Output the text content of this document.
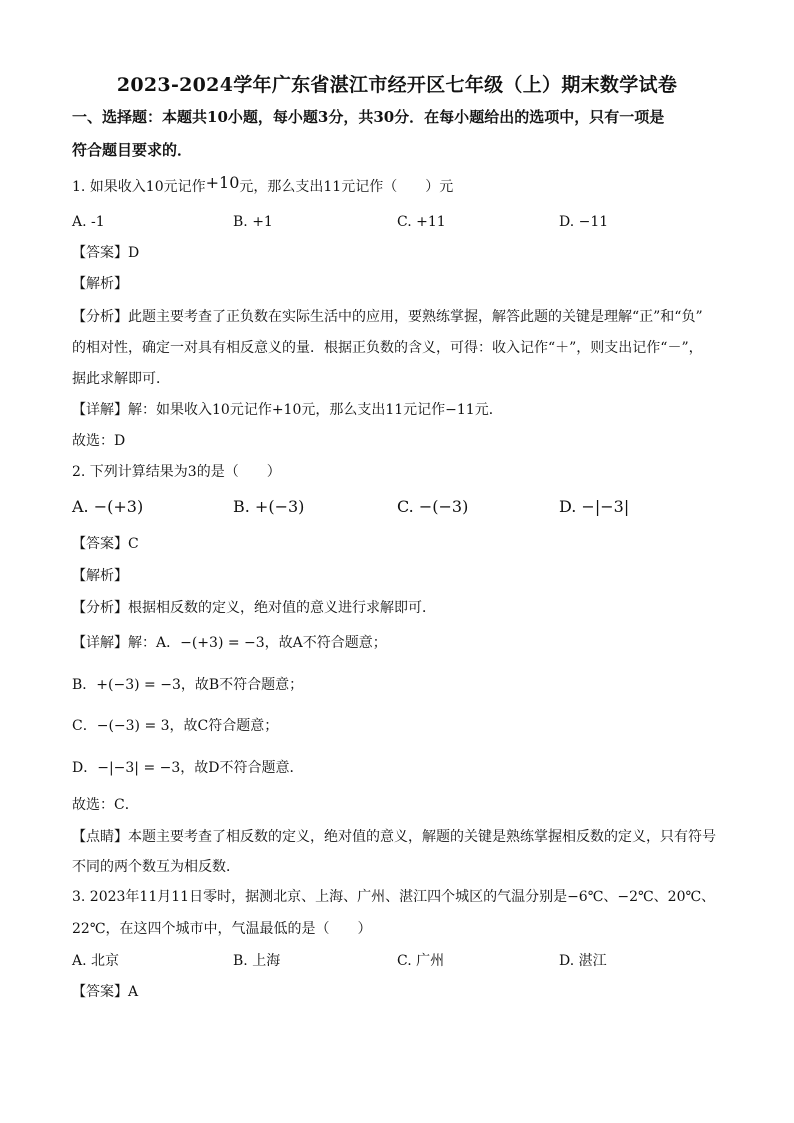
2023-2024学年广东省湛江市经开区七年级（上）期末数学试卷
一、选择题：本题共10小题，每小题3分，共30分．在每小题给出的选项中，只有一项是
符合题目要求的．
1. 如果收入10元记作+10元，那么支出11元记作（　　）元
A. -1	B. +1	C. +11	D. −11
【答案】D
【解析】
【分析】此题主要考查了正负数在实际生活中的应用，要熟练掌握，解答此题的关键是理解“正”和“负”
的相对性，确定一对具有相反意义的量．根据正负数的含义，可得：收入记作“＋”，则支出记作“－”，
据此求解即可．
【详解】解：如果收入10元记作+10元，那么支出11元记作−11元．
故选：D
2. 下列计算结果为3的是（　　）
A. −(+3)	B. +(−3)	C. −(−3)	D. −|−3|
【答案】C
【解析】
【分析】根据相反数的定义，绝对值的意义进行求解即可．
【详解】解：A．−(+3) = −3，故A不符合题意；
B．+(−3) = −3，故B不符合题意；
C．−(−3) = 3，故C符合题意；
D．−|−3| = −3，故D不符合题意．
故选：C．
【点睛】本题主要考查了相反数的定义，绝对值的意义，解题的关键是熟练掌握相反数的定义，只有符号
不同的两个数互为相反数．
3. 2023年11月11日零时，据测北京、上海、广州、湛江四个城区的气温分别是−6℃、−2℃、20℃、
22℃，在这四个城市中，气温最低的是（　　）
A. 北京	B. 上海	C. 广州	D. 湛江
【答案】A
